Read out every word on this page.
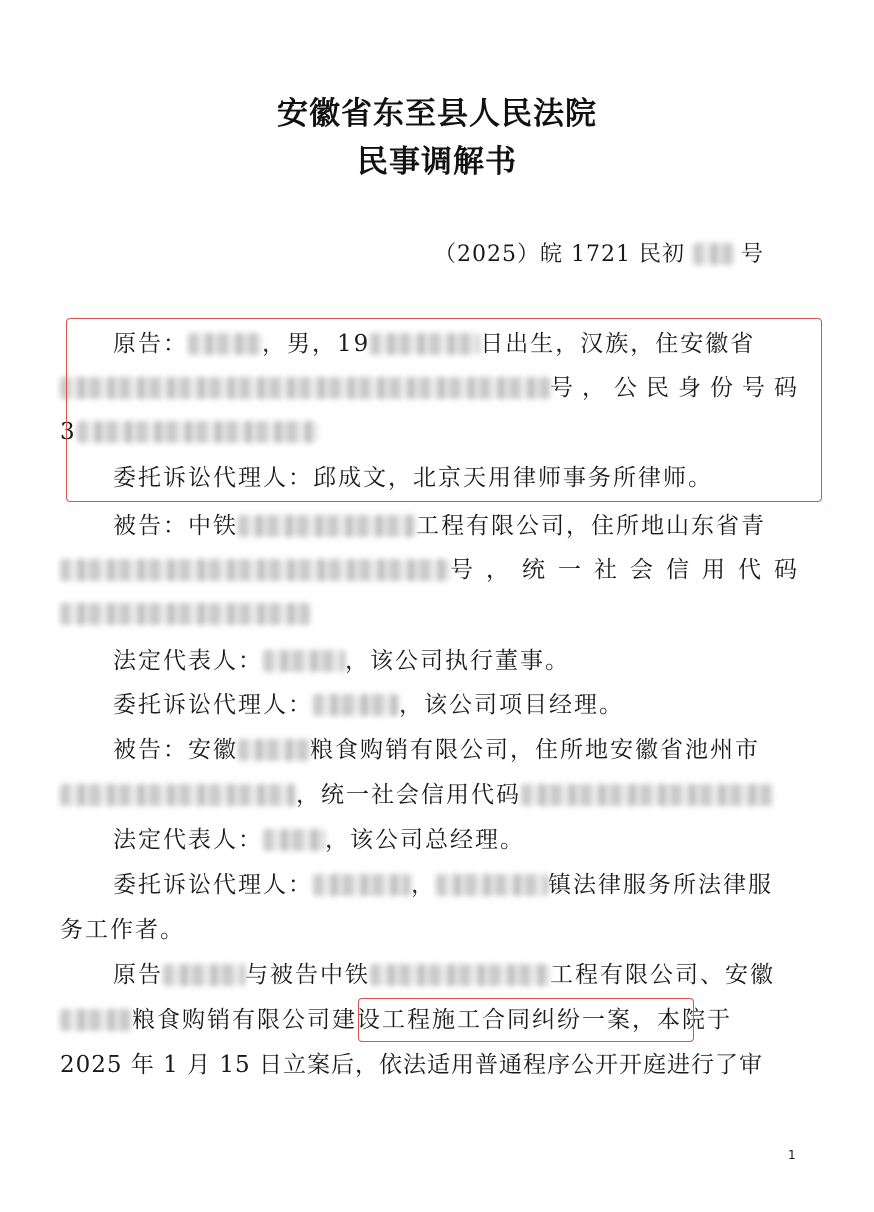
安徽省东至县人民法院
民事调解书
（2025）皖 1721 民初	号
原告：	，男，19	日出生，汉族，住安徽省
号，公民身份号码
3
委托诉讼代理人：邱成文，北京天用律师事务所律师。
被告：中铁	工程有限公司，住所地山东省青
号，统一社会信用代码
法定代表人：	，该公司执行董事。
委托诉讼代理人：	，该公司项目经理。
被告：安徽	粮食购销有限公司，住所地安徽省池州市
，统一社会信用代码
法定代表人：	，该公司总经理。
委托诉讼代理人：	，	镇法律服务所法律服
务工作者。
原告	与被告中铁	工程有限公司、安徽
粮食购销有限公司建设工程施工合同纠纷一案，本院于
2025 年 1 月 15 日立案后，依法适用普通程序公开开庭进行了审
1
